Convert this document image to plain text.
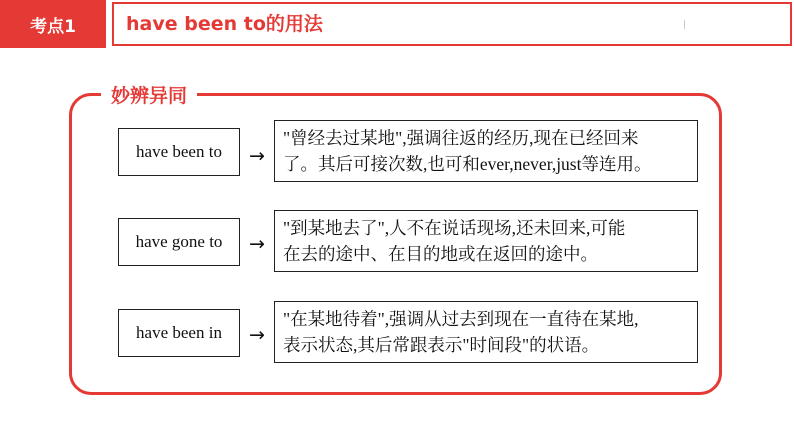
考点1	have been to的用法
妙辨异同
have been to	→
"曾经去过某地",强调往返的经历,现在已经回来
了。其后可接次数,也可和ever,never,just等连用。
have gone to	→
"到某地去了",人不在说话现场,还未回来,可能
在去的途中、在目的地或在返回的途中。
have been in	→
"在某地待着",强调从过去到现在一直待在某地,
表示状态,其后常跟表示"时间段"的状语。
